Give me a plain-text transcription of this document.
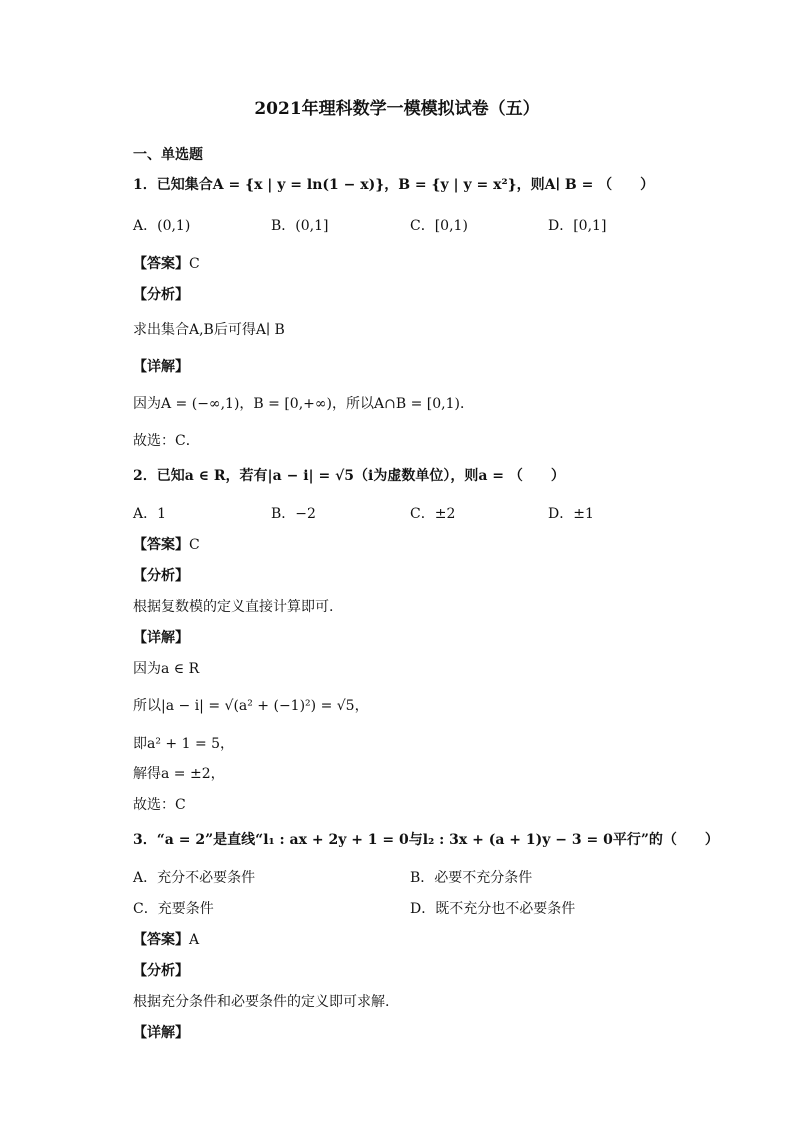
2021年理科数学一模模拟试卷（五）
一、单选题
1．已知集合A = {x | y = ln(1 − x)}，B = {y | y = x²}，则A∣ B = （　　）
A．(0,1)	B．(0,1]	C．[0,1)	D．[0,1]
【答案】C
【分析】
求出集合A,B后可得A∣ B
【详解】
因为A = (−∞,1)，B = [0,+∞)，所以A∩B = [0,1)．
故选：C．
2．已知a ∈ R，若有|a − i| = √5（i为虚数单位），则a = （　　）
A．1	B．−2	C．±2	D．±1
【答案】C
【分析】
根据复数模的定义直接计算即可.
【详解】
因为a ∈ R
所以|a − i| = √(a² + (−1)²) = √5，
即a² + 1 = 5，
解得a = ±2，
故选：C
3．“a = 2”是直线“l₁ : ax + 2y + 1 = 0与l₂ : 3x + (a + 1)y − 3 = 0平行”的（　　）
A．充分不必要条件	B．必要不充分条件
C．充要条件	D．既不充分也不必要条件
【答案】A
【分析】
根据充分条件和必要条件的定义即可求解.
【详解】
